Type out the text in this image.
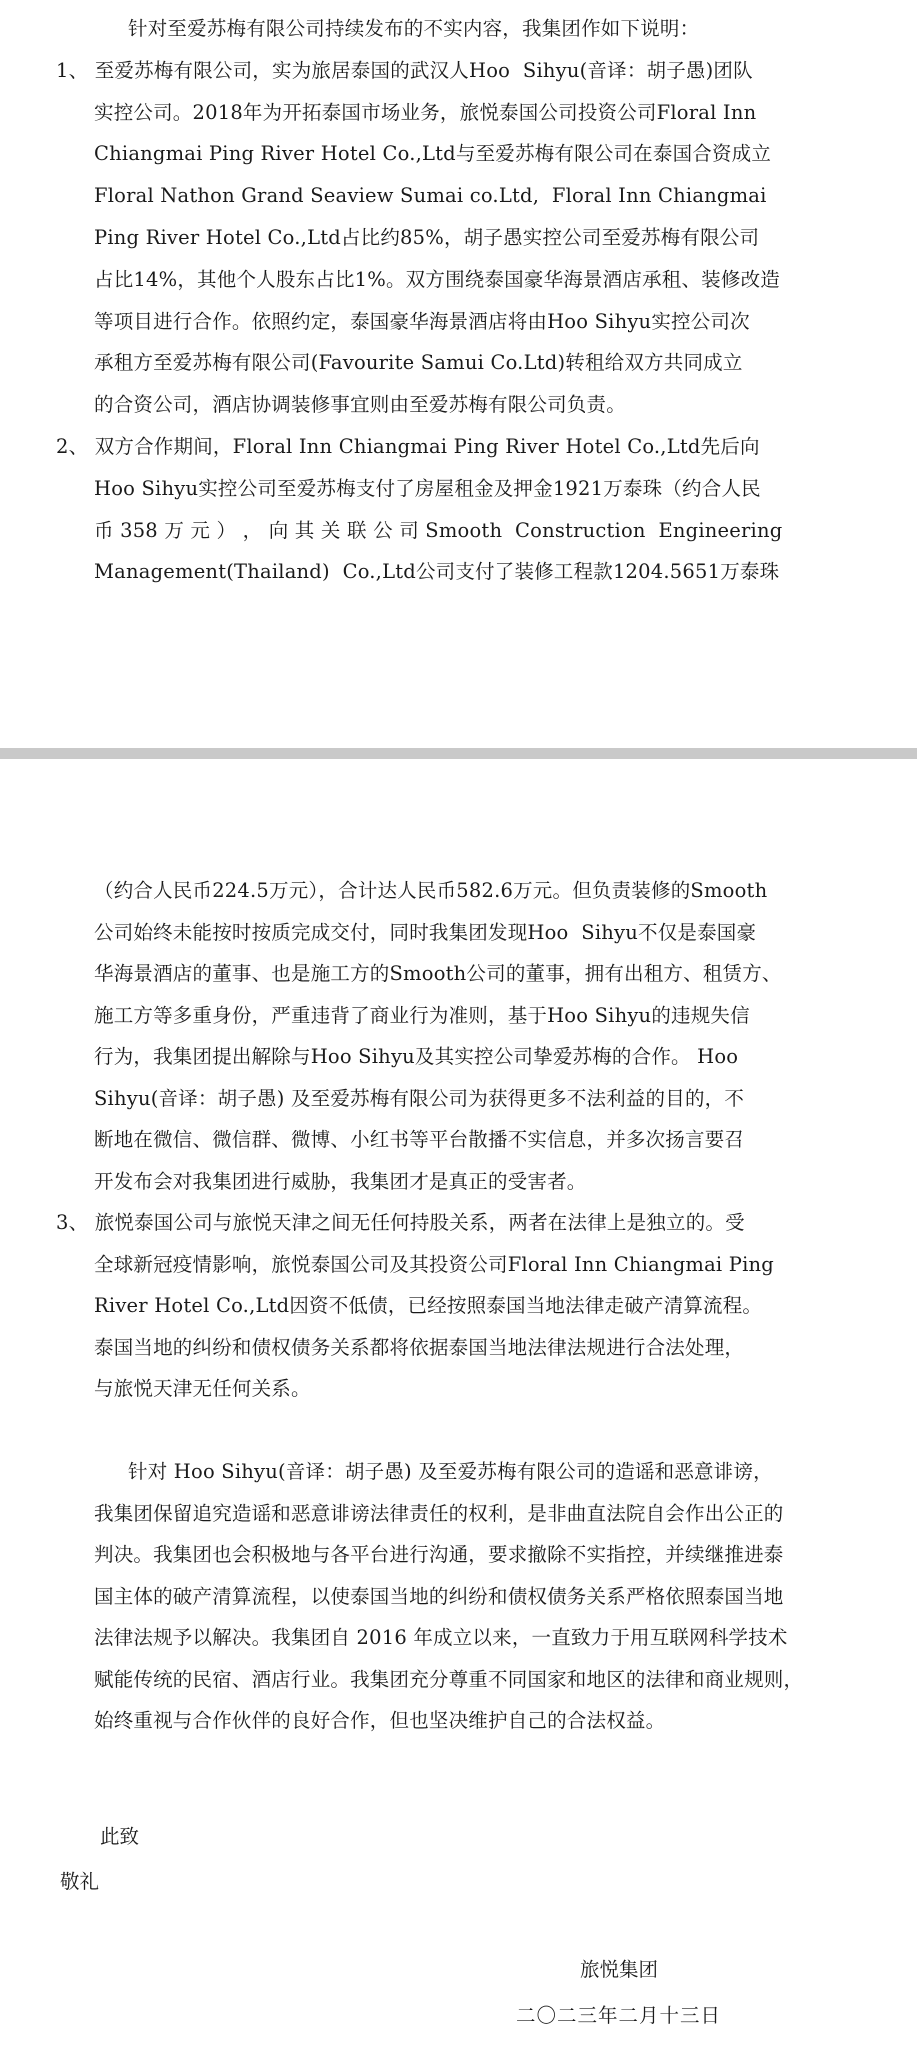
针对至爱苏梅有限公司持续发布的不实内容，我集团作如下说明：
1、 至爱苏梅有限公司，实为旅居泰国的武汉人Hoo  Sihyu(音译：胡子愚)团队
实控公司。2018年为开拓泰国市场业务，旅悦泰国公司投资公司Floral Inn
Chiangmai Ping River Hotel Co.,Ltd与至爱苏梅有限公司在泰国合资成立
Floral Nathon Grand Seaview Sumai co.Ltd,  Floral Inn Chiangmai
Ping River Hotel Co.,Ltd占比约85%，胡子愚实控公司至爱苏梅有限公司
占比14%，其他个人股东占比1%。双方围绕泰国豪华海景酒店承租、装修改造
等项目进行合作。依照约定，泰国豪华海景酒店将由Hoo Sihyu实控公司次
承租方至爱苏梅有限公司(Favourite Samui Co.Ltd)转租给双方共同成立
的合资公司，酒店协调装修事宜则由至爱苏梅有限公司负责。
2、 双方合作期间，Floral Inn Chiangmai Ping River Hotel Co.,Ltd先后向
Hoo Sihyu实控公司至爱苏梅支付了房屋租金及押金1921万泰珠（约合人民
币 358 万 元 ） ， 向 其 关 联 公 司 Smooth  Construction  Engineering
Management(Thailand)  Co.,Ltd公司支付了装修工程款1204.5651万泰珠
（约合人民币224.5万元），合计达人民币582.6万元。但负责装修的Smooth
公司始终未能按时按质完成交付，同时我集团发现Hoo  Sihyu不仅是泰国豪
华海景酒店的董事、也是施工方的Smooth公司的董事，拥有出租方、租赁方、
施工方等多重身份，严重违背了商业行为准则，基于Hoo Sihyu的违规失信
行为，我集团提出解除与Hoo Sihyu及其实控公司挚爱苏梅的合作。 Hoo
Sihyu(音译：胡子愚) 及至爱苏梅有限公司为获得更多不法利益的目的，不
断地在微信、微信群、微博、小红书等平台散播不实信息，并多次扬言要召
开发布会对我集团进行威胁，我集团才是真正的受害者。
3、 旅悦泰国公司与旅悦天津之间无任何持股关系，两者在法律上是独立的。受
全球新冠疫情影响，旅悦泰国公司及其投资公司Floral Inn Chiangmai Ping
River Hotel Co.,Ltd因资不低债，已经按照泰国当地法律走破产清算流程。
泰国当地的纠纷和债权债务关系都将依据泰国当地法律法规进行合法处理，
与旅悦天津无任何关系。
针对 Hoo Sihyu(音译：胡子愚) 及至爱苏梅有限公司的造谣和恶意诽谤，
我集团保留追究造谣和恶意诽谤法律责任的权利，是非曲直法院自会作出公正的
判决。我集团也会积极地与各平台进行沟通，要求撤除不实指控，并续继推进泰
国主体的破产清算流程，以使泰国当地的纠纷和债权债务关系严格依照泰国当地
法律法规予以解决。我集团自 2016 年成立以来，一直致力于用互联网科学技术
赋能传统的民宿、酒店行业。我集团充分尊重不同国家和地区的法律和商业规则，
始终重视与合作伙伴的良好合作，但也坚决维护自己的合法权益。
此致
敬礼
旅悦集团
二〇二三年二月十三日
